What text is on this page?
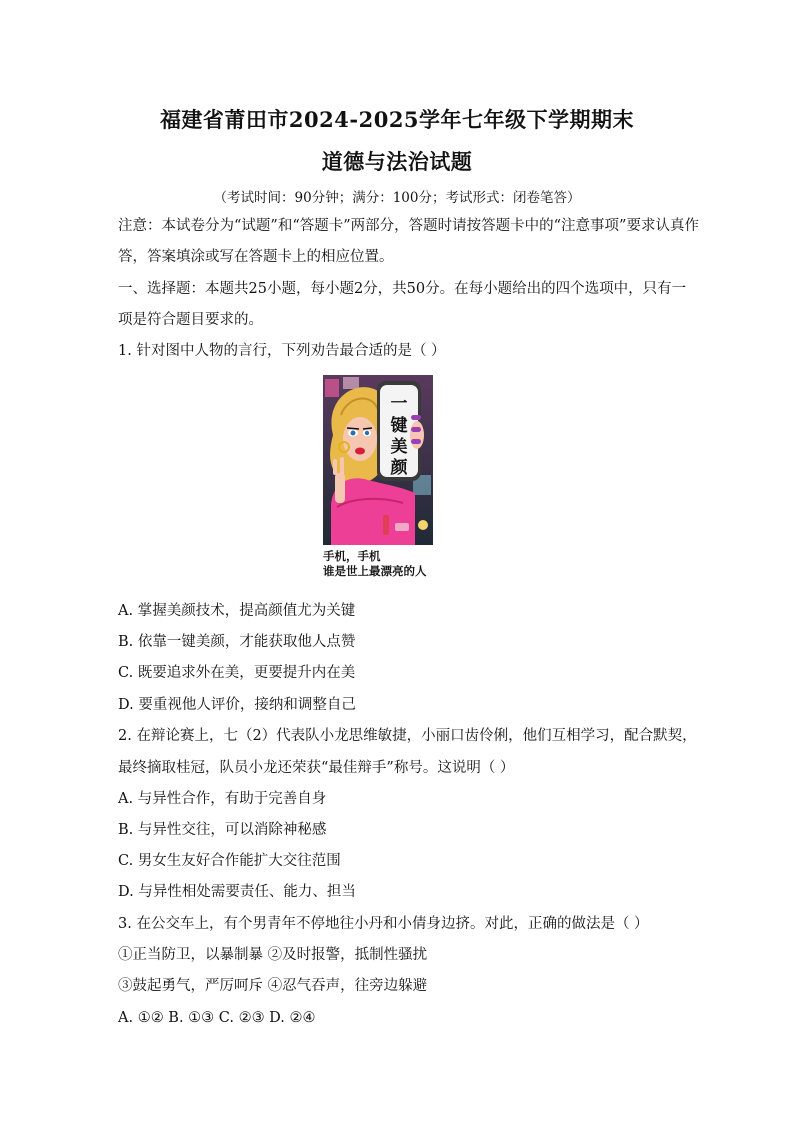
福建省莆田市2024-2025学年七年级下学期期末
道德与法治试题
（考试时间：90分钟；满分：100分；考试形式：闭卷笔答）
注意：本试卷分为“试题”和“答题卡”两部分，答题时请按答题卡中的“注意事项”要求认真作
答，答案填涂或写在答题卡上的相应位置。
一、选择题：本题共25小题，每小题2分，共50分。在每小题给出的四个选项中，只有一
项是符合题目要求的。
1. 针对图中人物的言行，下列劝告最合适的是（ ）
一
键
美
颜
手机，手机
谁是世上最漂亮的人
A. 掌握美颜技术，提高颜值尤为关键
B. 依靠一键美颜，才能获取他人点赞
C. 既要追求外在美，更要提升内在美
D. 要重视他人评价，接纳和调整自己
2. 在辩论赛上，七（2）代表队小龙思维敏捷，小丽口齿伶俐，他们互相学习，配合默契，
最终摘取桂冠，队员小龙还荣获“最佳辩手”称号。这说明（ ）
A. 与异性合作，有助于完善自身
B. 与异性交往，可以消除神秘感
C. 男女生友好合作能扩大交往范围
D. 与异性相处需要责任、能力、担当
3. 在公交车上，有个男青年不停地往小丹和小倩身边挤。对此，正确的做法是（ ）
①正当防卫，以暴制暴 ②及时报警，抵制性骚扰
③鼓起勇气，严厉呵斥 ④忍气吞声，往旁边躲避
A. ①② B. ①③ C. ②③ D. ②④
